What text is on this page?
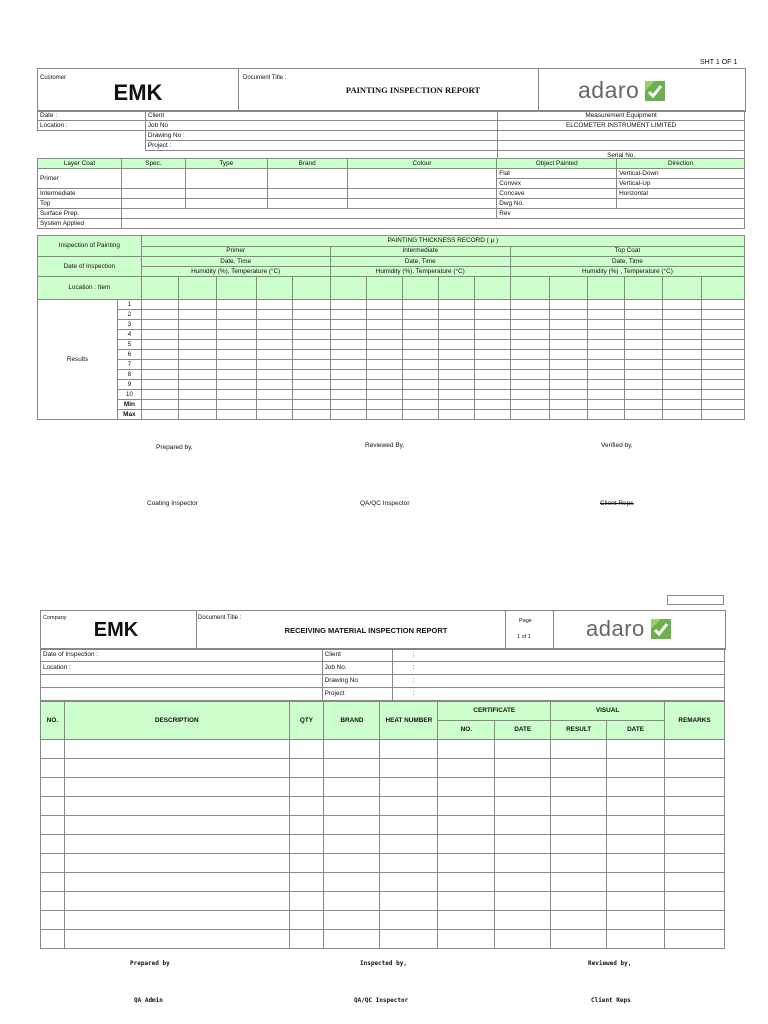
SHT 1 OF 1
Customer
EMK
Document Title :
PAINTING INSPECTION REPORT	adaro
Date :	Client	Measurement Equipment
Location :	Job No	ELCOMETER INSTRUMENT LIMITED
	Drawing No :	
	Project :	
		Serial No.
Layer Coat	Spec.	Type	Brand	Colour	Object Painted	Direction
Primer					Flat	Vertical-Down
					Convex	Vertical-Up
Intermediate					Concave	Horizontal
Top					Dwg No.	
Surface Prep.					Rev	
System Applied						
Inspection of Painting		PAINTING THICKNESS RECORD ( μ )															
		Primer					Intermediate					Top Coat					
Date of Inspection		Date, Time					Date, Time					Date, Time					
		Humidity (%), Temperature (°C)					Humidity (%), Temperature (°C)					Humidity (%) , Temperature (°C)					
Location : Item																	
Results	1																
	2																
	3																
	4																
	5																
	6																
	7																
	8																
	9																
	10																
	Min																
	Max																
Prepared by,	Reviewed By,	Verified by,
Coating Inspector	QA/QC Inspector	Client Reps
Company
EMK
Document Title :
RECEIVING MATERIAL INSPECTION REPORT
Page
1 of 1	adaro
Date of Inspection :	Client	;
Location :	Job No.	:
	Drawing No	:
	Project	:
NO.	DESCRIPTION	QTY	BRAND	HEAT NUMBER	CERTIFICATE		VISUAL		REMARKS
					NO.	DATE	RESULT	DATE	

Prepared by	Inspected by,	Reviewed by,
QA Admin	QA/QC Inspector	Client Reps
